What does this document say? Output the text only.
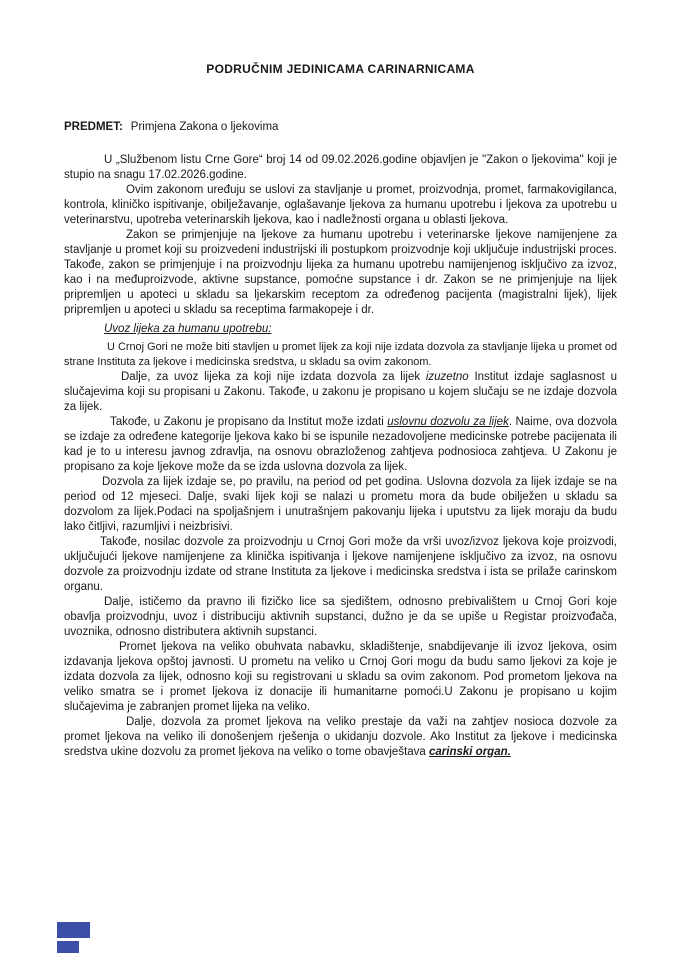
PODRUČNIM JEDINICAMA CARINARNICAMA
PREDMET: Primjena Zakona o ljekovima

U „Službenom listu Crne Gore“ broj 14 od 09.02.2026.godine objavljen je "Zakon o ljekovima" koji je stupio na snagu 17.02.2026.godine.

Ovim zakonom uređuju se uslovi za stavljanje u promet, proizvodnja, promet, farmakovigilanca, kontrola, kliničko ispitivanje, obilježavanje, oglašavanje ljekova za humanu upotrebu i ljekova za upotrebu u veterinarstvu, upotreba veterinarskih ljekova, kao i nadležnosti organa u oblasti ljekova.

Zakon se primjenjuje na ljekove za humanu upotrebu i veterinarske ljekove namijenjene za stavljanje u promet koji su proizvedeni industrijski ili postupkom proizvodnje koji uključuje industrijski proces. Takođe, zakon se primjenjuje i na proizvodnju lijeka za humanu upotrebu namijenjenog isključivo za izvoz, kao i na međuproizvode, aktivne supstance, pomoćne supstance i dr. Zakon se ne primjenjuje na lijek pripremljen u apoteci u skladu sa ljekarskim receptom za određenog pacijenta (magistralni lijek), lijek pripremljen u apoteci u skladu sa receptima farmakopeje i dr.

Uvoz lijeka za humanu upotrebu:

U Crnoj Gori ne može biti stavljen u promet lijek za koji nije izdata dozvola za stavljanje lijeka u promet od strane Instituta za ljekove i medicinska sredstva, u skladu sa ovim zakonom.

Dalje, za uvoz lijeka za koji nije izdata dozvola za lijek izuzetno Institut izdaje saglasnost u slučajevima koji su propisani u Zakonu. Takođe, u zakonu je propisano u kojem slučaju se ne izdaje dozvola za lijek.

Takođe, u Zakonu je propisano da Institut može izdati uslovnu dozvolu za lijek. Naime, ova dozvola se izdaje za određene kategorije ljekova kako bi se ispunile nezadovoljene medicinske potrebe pacijenata ili kad je to u interesu javnog zdravlja, na osnovu obrazloženog zahtjeva podnosioca zahtjeva. U Zakonu je propisano za koje ljekove može da se izda uslovna dozvola za lijek.

Dozvola za lijek izdaje se, po pravilu, na period od pet godina. Uslovna dozvola za lijek izdaje se na period od 12 mjeseci. Dalje, svaki lijek koji se nalazi u prometu mora da bude obilježen u skladu sa dozvolom za lijek.Podaci na spoljašnjem i unutrašnjem pakovanju lijeka i uputstvu za lijek moraju da budu lako čitljivi, razumljivi i neizbrisivi.

Takođe, nosilac dozvole za proizvodnju u Crnoj Gori može da vrši uvoz/izvoz ljekova koje proizvodi, uključujući ljekove namijenjene za klinička ispitivanja i ljekove namijenjene isključivo za izvoz, na osnovu dozvole za proizvodnju izdate od strane Instituta za ljekove i medicinska sredstva i ista se prilaže carinskom organu.

Dalje, ističemo da pravno ili fizičko lice sa sjedištem, odnosno prebivalištem u Crnoj Gori koje obavlja proizvodnju, uvoz i distribuciju aktivnih supstanci, dužno je da se upiše u Registar proizvođača, uvoznika, odnosno distributera aktivnih supstanci.

Promet ljekova na veliko obuhvata nabavku, skladištenje, snabdijevanje ili izvoz ljekova, osim izdavanja ljekova opštoj javnosti. U prometu na veliko u Crnoj Gori mogu da budu samo ljekovi za koje je izdata dozvola za lijek, odnosno koji su registrovani u skladu sa ovim zakonom. Pod prometom ljekova na veliko smatra se i promet ljekova iz donacije ili humanitarne pomoći.U Zakonu je propisano u kojim slučajevima je zabranjen promet lijeka na veliko.

Dalje, dozvola za promet ljekova na veliko prestaje da važi na zahtjev nosioca dozvole za promet ljekova na veliko ili donošenjem rješenja o ukidanju dozvole. Ako Institut za ljekove i medicinska sredstva ukine dozvolu za promet ljekova na veliko o tome obavještava carinski organ.
